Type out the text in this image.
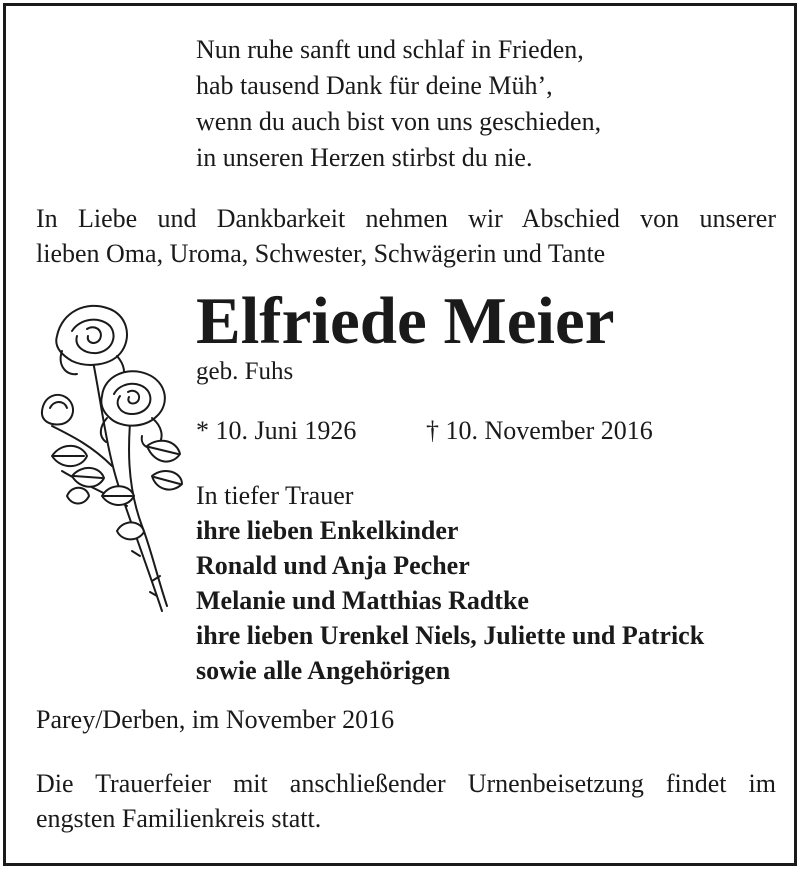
Nun ruhe sanft und schlaf in Frieden,
hab tausend Dank für deine Müh’,
wenn du auch bist von uns geschieden,
in unseren Herzen stirbst du nie.
In Liebe und Dankbarkeit nehmen wir Abschied von unserer
lieben Oma, Uroma, Schwester, Schwägerin und Tante
Elfriede Meier
geb. Fuhs
* 10. Juni 1926	† 10. November 2016
In tiefer Trauer
ihre lieben Enkelkinder
Ronald und Anja Pecher
Melanie und Matthias Radtke
ihre lieben Urenkel Niels, Juliette und Patrick
sowie alle Angehörigen
Parey/Derben, im November 2016
Die Trauerfeier mit anschließender Urnenbeisetzung findet im
engsten Familienkreis statt.
